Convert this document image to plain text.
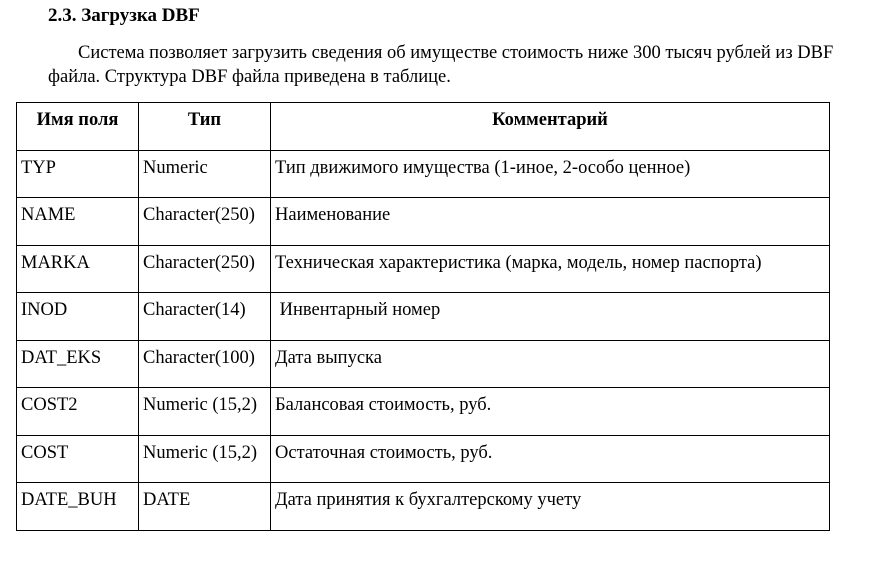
2.3. Загрузка DBF

Система позволяет загрузить сведения об имуществе стоимость ниже 300 тысяч рублей из DBF файла. Структура DBF файла приведена в таблице.

Имя поля	Тип	Комментарий
TYP	Numeric	Тип движимого имущества (1-иное, 2-особо ценное)
NAME	Character(250)	Наименование
MARKA	Character(250)	Техническая характеристика (марка, модель, номер паспорта)
INOD	Character(14)	Инвентарный номер
DAT_EKS	Character(100)	Дата выпуска
COST2	Numeric (15,2)	Балансовая стоимость, руб.
COST	Numeric (15,2)	Остаточная стоимость, руб.
DATE_BUH	DATE	Дата принятия к бухгалтерскому учету
